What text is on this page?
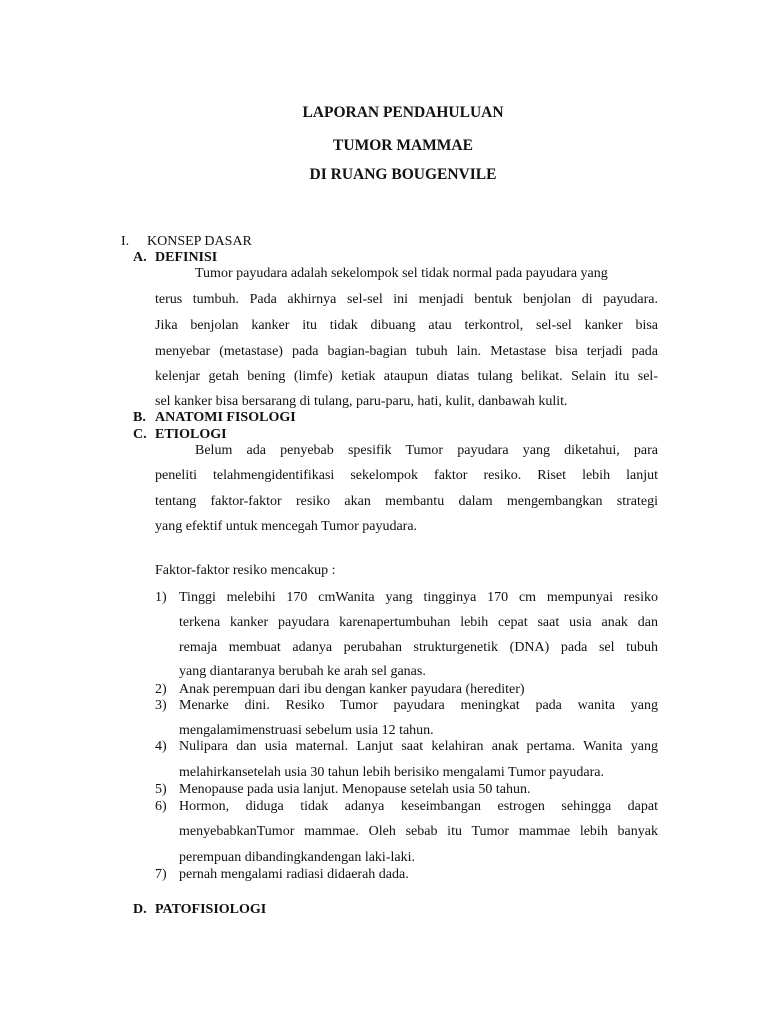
LAPORAN PENDAHULUAN
TUMOR MAMMAE
DI RUANG BOUGENVILE
I. KONSEP DASAR
A. DEFINISI
Tumor payudara adalah sekelompok sel tidak normal pada payudara yang
terus tumbuh. Pada akhirnya sel-sel ini menjadi bentuk benjolan di payudara.
Jika benjolan kanker itu tidak dibuang atau terkontrol, sel-sel kanker bisa
menyebar (metastase) pada bagian-bagian tubuh lain. Metastase bisa terjadi pada
kelenjar getah bening (limfe) ketiak ataupun diatas tulang belikat. Selain itu sel-
sel kanker bisa bersarang di tulang, paru-paru, hati, kulit, danbawah kulit.
B. ANATOMI FISOLOGI
C. ETIOLOGI
Belum ada penyebab spesifik Tumor payudara yang diketahui, para
peneliti telahmengidentifikasi sekelompok faktor resiko. Riset lebih lanjut
tentang faktor-faktor resiko akan membantu dalam mengembangkan strategi
yang efektif untuk mencegah Tumor payudara.
Faktor-faktor resiko mencakup :
1) Tinggi melebihi 170 cmWanita yang tingginya 170 cm mempunyai resiko
terkena kanker payudara karenapertumbuhan lebih cepat saat usia anak dan
remaja membuat adanya perubahan strukturgenetik (DNA) pada sel tubuh
yang diantaranya berubah ke arah sel ganas.
2) Anak perempuan dari ibu dengan kanker payudara (herediter)
3) Menarke dini. Resiko Tumor payudara meningkat pada wanita yang
mengalamimenstruasi sebelum usia 12 tahun.
4) Nulipara dan usia maternal. Lanjut saat kelahiran anak pertama. Wanita yang
melahirkansetelah usia 30 tahun lebih berisiko mengalami Tumor payudara.
5) Menopause pada usia lanjut. Menopause setelah usia 50 tahun.
6) Hormon, diduga tidak adanya keseimbangan estrogen sehingga dapat
menyebabkanTumor mammae. Oleh sebab itu Tumor mammae lebih banyak
perempuan dibandingkandengan laki-laki.
7) pernah mengalami radiasi didaerah dada.
D. PATOFISIOLOGI
